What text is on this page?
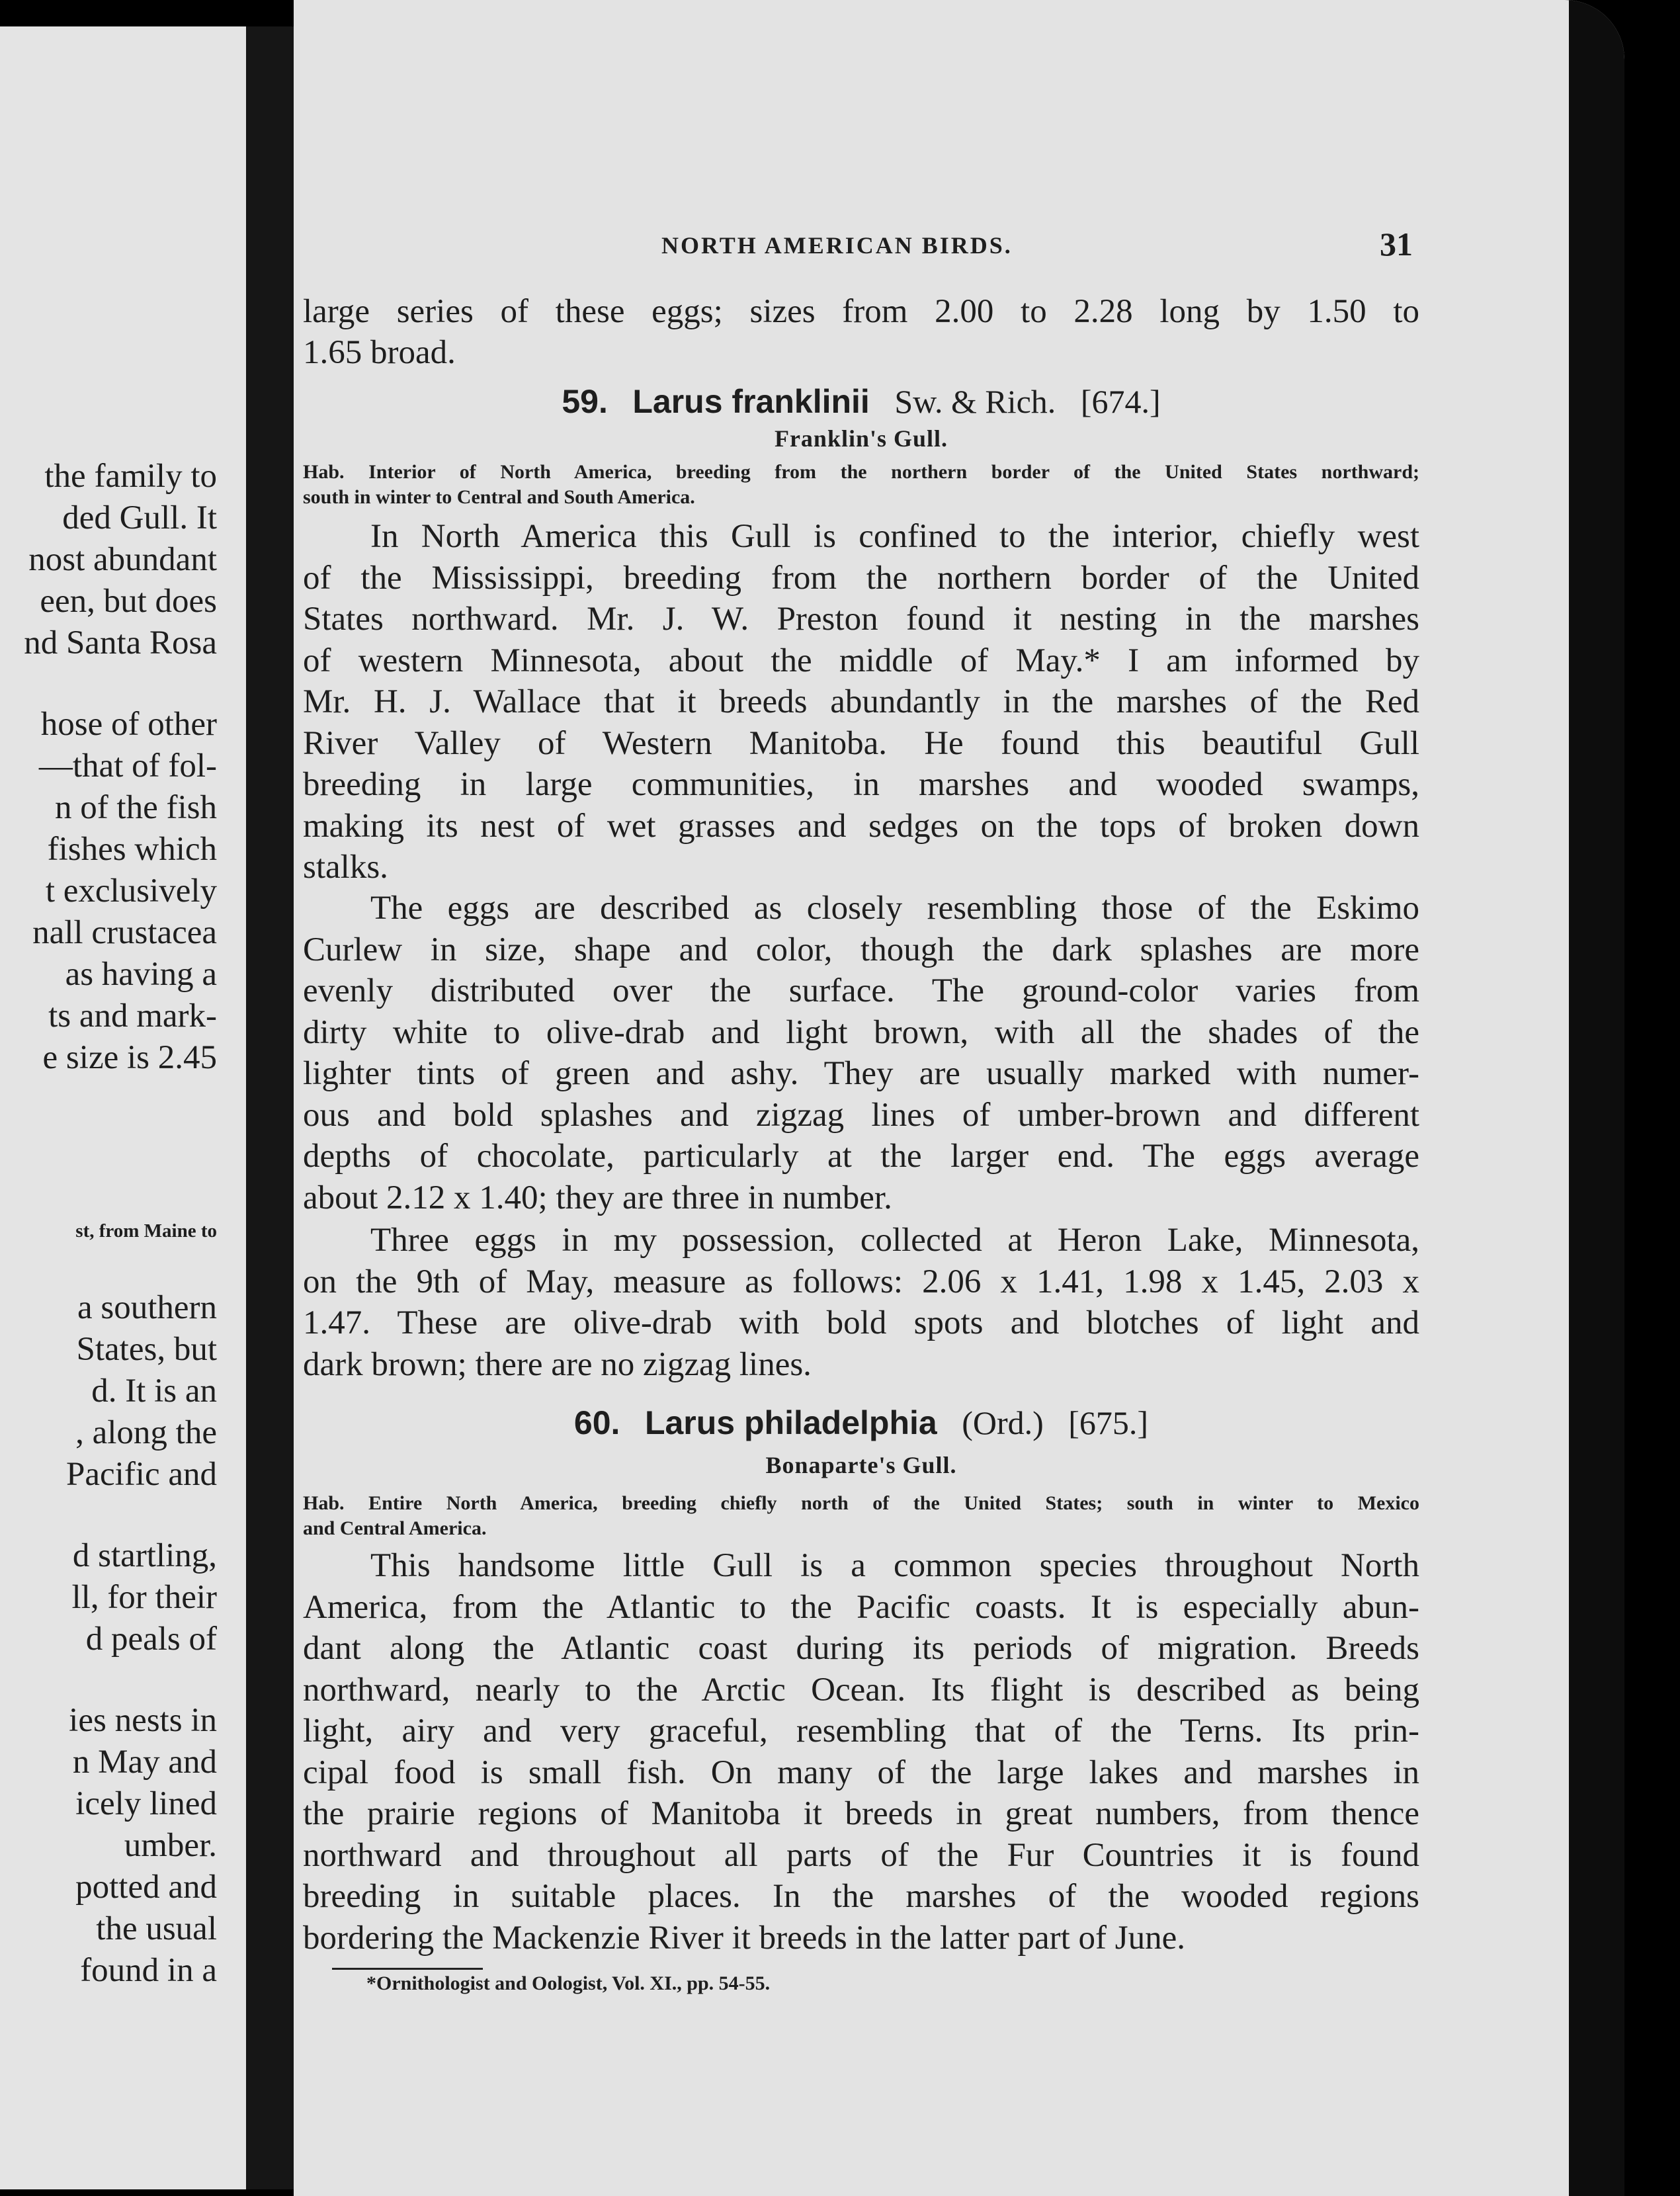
the family to
ded Gull. It
nost abundant
een, but does
nd Santa Rosa
hose of other
—that of fol-
n of the fish
fishes which
t exclusively
nall crustacea
as having a
ts and mark-
e size is 2.45
st, from Maine to
a southern
States, but
d. It is an
, along the
Pacific and
d startling,
ll, for their
d peals of
ies nests in
n May and
icely lined
umber.
potted and
the usual
found in a
NORTH AMERICAN BIRDS.	31
large series of these eggs; sizes from 2.00 to 2.28 long by 1.50 to
1.65 broad.
59. Larus franklinii Sw. & Rich. [674.]
Franklin's Gull.
Hab. Interior of North America, breeding from the northern border of the United States northward;
south in winter to Central and South America.
In North America this Gull is confined to the interior, chiefly west
of the Mississippi, breeding from the northern border of the United
States northward. Mr. J. W. Preston found it nesting in the marshes
of western Minnesota, about the middle of May.* I am informed by
Mr. H. J. Wallace that it breeds abundantly in the marshes of the Red
River Valley of Western Manitoba. He found this beautiful Gull
breeding in large communities, in marshes and wooded swamps,
making its nest of wet grasses and sedges on the tops of broken down
stalks.
The eggs are described as closely resembling those of the Eskimo
Curlew in size, shape and color, though the dark splashes are more
evenly distributed over the surface. The ground-color varies from
dirty white to olive-drab and light brown, with all the shades of the
lighter tints of green and ashy. They are usually marked with numer-
ous and bold splashes and zigzag lines of umber-brown and different
depths of chocolate, particularly at the larger end. The eggs average
about 2.12 x 1.40; they are three in number.
Three eggs in my possession, collected at Heron Lake, Minnesota,
on the 9th of May, measure as follows: 2.06 x 1.41, 1.98 x 1.45, 2.03 x
1.47. These are olive-drab with bold spots and blotches of light and
dark brown; there are no zigzag lines.
60. Larus philadelphia (Ord.) [675.]
Bonaparte's Gull.
Hab. Entire North America, breeding chiefly north of the United States; south in winter to Mexico
and Central America.
This handsome little Gull is a common species throughout North
America, from the Atlantic to the Pacific coasts. It is especially abun-
dant along the Atlantic coast during its periods of migration. Breeds
northward, nearly to the Arctic Ocean. Its flight is described as being
light, airy and very graceful, resembling that of the Terns. Its prin-
cipal food is small fish. On many of the large lakes and marshes in
the prairie regions of Manitoba it breeds in great numbers, from thence
northward and throughout all parts of the Fur Countries it is found
breeding in suitable places. In the marshes of the wooded regions
bordering the Mackenzie River it breeds in the latter part of June.
*Ornithologist and Oologist, Vol. XI., pp. 54-55.
